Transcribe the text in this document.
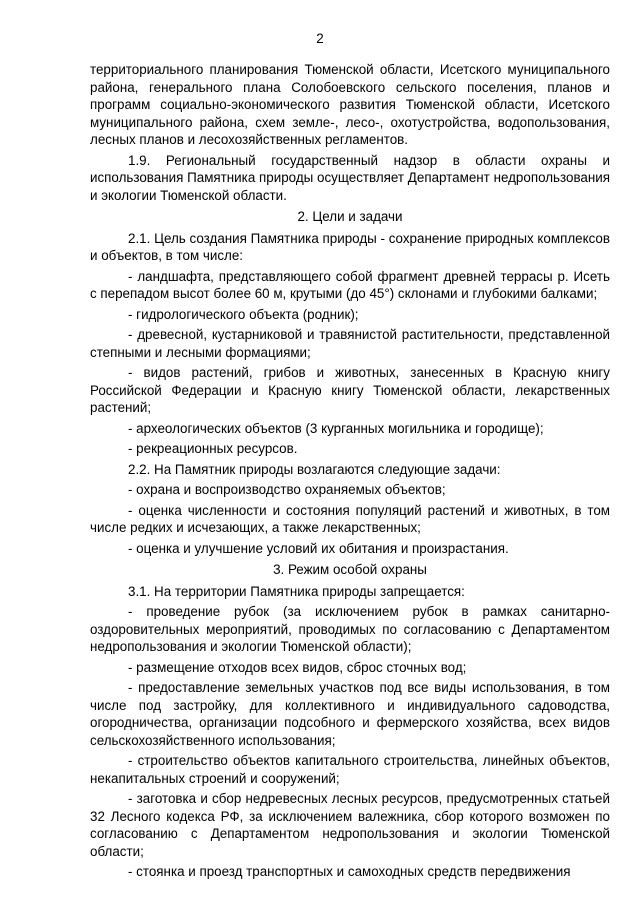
2

территориального планирования Тюменской области, Исетского муниципального района, генерального плана Солобоевского сельского поселения, планов и программ социально-экономического развития Тюменской области, Исетского муниципального района, схем земле-, лесо-, охотустройства, водопользования, лесных планов и лесохозяйственных регламентов.

1.9. Региональный государственный надзор в области охраны и использования Памятника природы осуществляет Департамент недропользования и экологии Тюменской области.

2. Цели и задачи

2.1. Цель создания Памятника природы - сохранение природных комплексов и объектов, в том числе:

- ландшафта, представляющего собой фрагмент древней террасы р. Исеть с перепадом высот более 60 м, крутыми (до 45°) склонами и глубокими балками;

- гидрологического объекта (родник);

- древесной, кустарниковой и травянистой растительности, представленной степными и лесными формациями;

- видов растений, грибов и животных, занесенных в Красную книгу Российской Федерации и Красную книгу Тюменской области, лекарственных растений;

- археологических объектов (3 курганных могильника и городище);

- рекреационных ресурсов.

2.2. На Памятник природы возлагаются следующие задачи:

- охрана и воспроизводство охраняемых объектов;

- оценка численности и состояния популяций растений и животных, в том числе редких и исчезающих, а также лекарственных;

- оценка и улучшение условий их обитания и произрастания.

3. Режим особой охраны

3.1. На территории Памятника природы запрещается:

- проведение рубок (за исключением рубок в рамках санитарно-оздоровительных мероприятий, проводимых по согласованию с Департаментом недропользования и экологии Тюменской области);

- размещение отходов всех видов, сброс сточных вод;

- предоставление земельных участков под все виды использования, в том числе под застройку, для коллективного и индивидуального садоводства, огородничества, организации подсобного и фермерского хозяйства, всех видов сельскохозяйственного использования;

- строительство объектов капитального строительства, линейных объектов, некапитальных строений и сооружений;

- заготовка и сбор недревесных лесных ресурсов, предусмотренных статьей 32 Лесного кодекса РФ, за исключением валежника, сбор которого возможен по согласованию с Департаментом недропользования и экологии Тюменской области;

- стоянка и проезд транспортных и самоходных средств передвижения
